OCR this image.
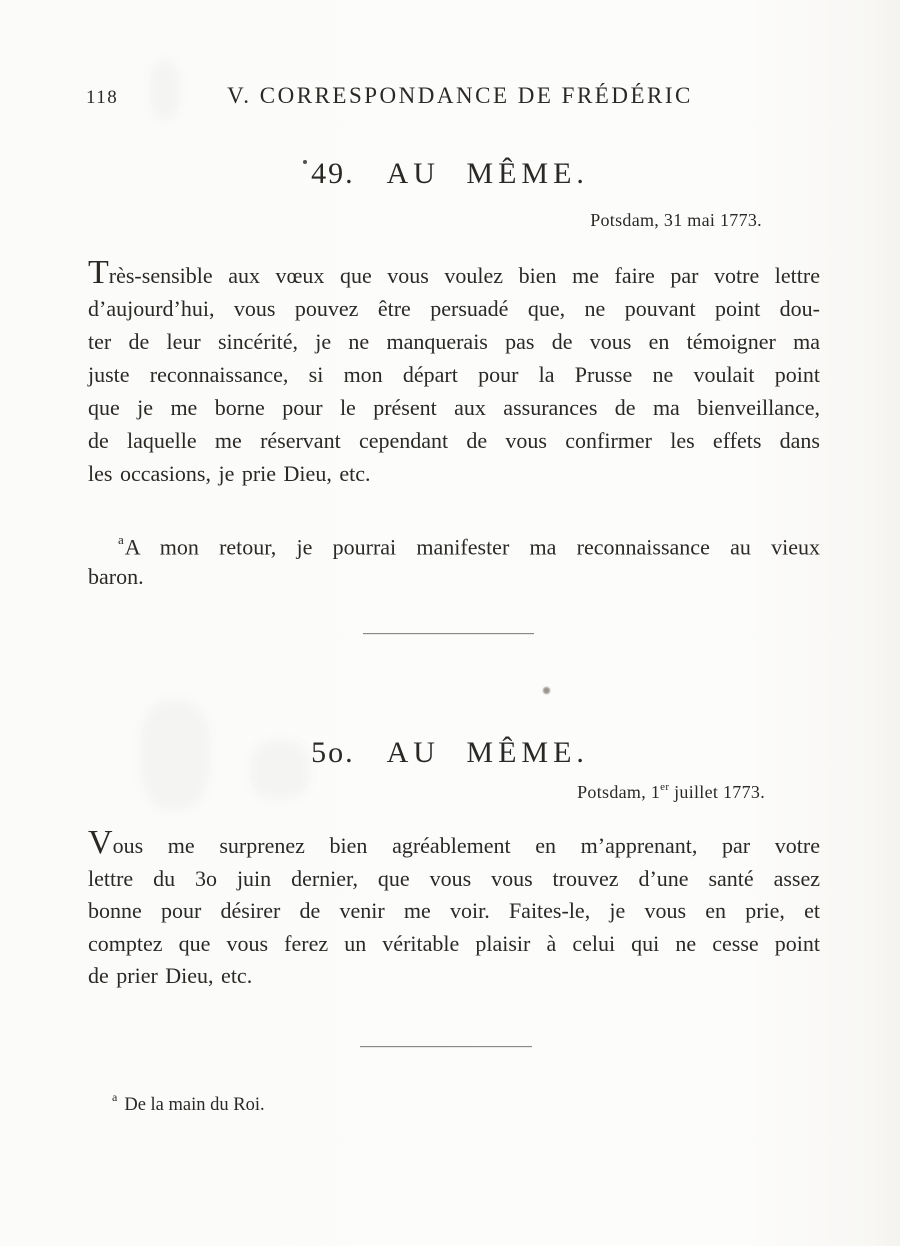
118	V. CORRESPONDANCE DE FRÉDÉRIC
49. AU MÊME.
Potsdam, 31 mai 1773.
Très-sensible aux vœux que vous voulez bien me faire par votre lettre
d’aujourd’hui, vous pouvez être persuadé que, ne pouvant point dou-
ter de leur sincérité, je ne manquerais pas de vous en témoigner ma
juste reconnaissance, si mon départ pour la Prusse ne voulait point
que je me borne pour le présent aux assurances de ma bienveillance,
de laquelle me réservant cependant de vous confirmer les effets dans
les occasions, je prie Dieu, etc.
$^a$A mon retour, je pourrai manifester ma reconnaissance au vieux
baron.
5o. AU MÊME.
Potsdam, 1er juillet 1773.
Vous me surprenez bien agréablement en m’apprenant, par votre
lettre du 3o juin dernier, que vous vous trouvez d’une santé assez
bonne pour désirer de venir me voir. Faites-le, je vous en prie, et
comptez que vous ferez un véritable plaisir à celui qui ne cesse point
de prier Dieu, etc.
$^a$ De la main du Roi.
